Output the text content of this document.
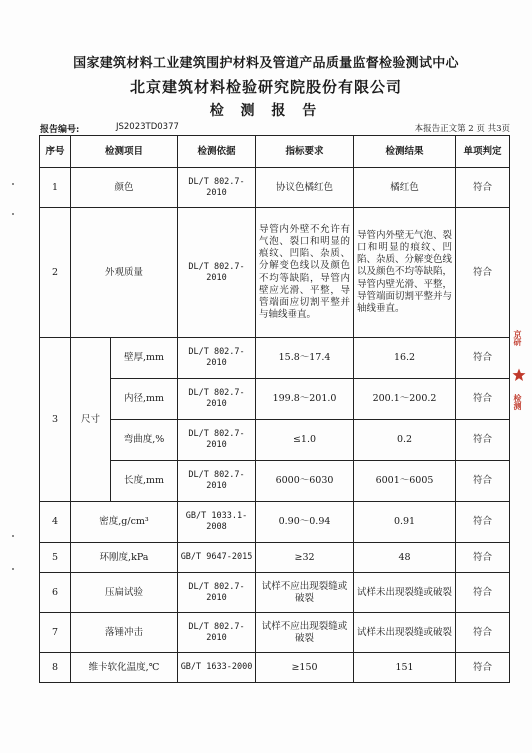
国家建筑材料工业建筑围护材料及管道产品质量监督检验测试中心
北京建筑材料检验研究院股份有限公司
检 测 报 告
报告编号:	JS2023TD0377	本报告正文第 2 页 共3页
序号	检测项目		检测依据	指标要求	检测结果	单项判定
1	颜色		DL/T 802.7-2010	协议色橘红色	橘红色	符合
2	外观质量		DL/T 802.7-2010	导管内外壁不允许有气泡、裂口和明显的痕纹、凹陷、杂质、分解变色线以及颜色不均等缺陷，导管内壁应光滑、平整，导管端面应切割平整并与轴线垂直。	导管内外壁无气泡、裂口和明显的痕纹、凹陷、杂质、分解变色线以及颜色不均等缺陷，导管内壁光滑、平整，导管端面切割平整并与轴线垂直。	符合
3	尺寸	壁厚,mm	DL/T 802.7-2010	15.8～17.4	16.2	符合
		内径,mm	DL/T 802.7-2010	199.8～201.0	200.1～200.2	符合
		弯曲度,%	DL/T 802.7-2010	≤1.0	0.2	符合
		长度,mm	DL/T 802.7-2010	6000～6030	6001～6005	符合
4	密度,g/cm³		GB/T 1033.1-2008	0.90～0.94	0.91	符合
5	环刚度,kPa		GB/T 9647-2015	≥32	48	符合
6	压扁试验		DL/T 802.7-2010	试样不应出现裂缝或破裂	试样未出现裂缝或破裂	符合
7	落锤冲击		DL/T 802.7-2010	试样不应出现裂缝或破裂	试样未出现裂缝或破裂	符合
8	维卡软化温度,℃		GB/T 1633-2000	≥150	151	符合
京研
检测
